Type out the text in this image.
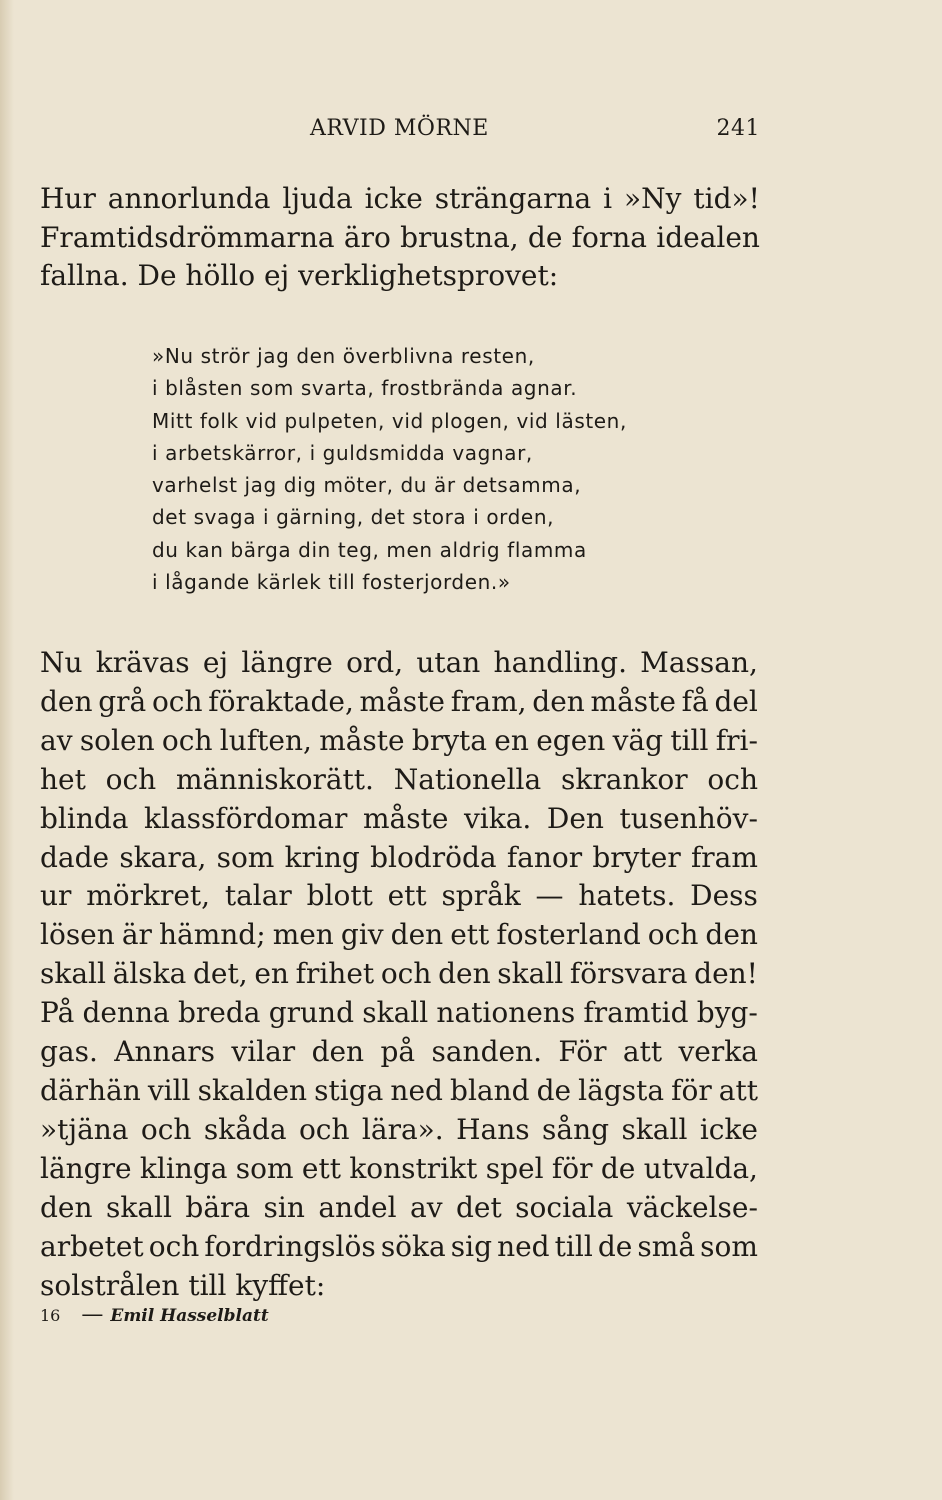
ARVID MÖRNE	241
Hur annorlunda ljuda icke strängarna i »Ny tid»!
Framtidsdrömmarna äro brustna, de forna idealen
fallna. De höllo ej verklighetsprovet:
»Nu strör jag den överblivna resten,
i blåsten som svarta, frostbrända agnar.
Mitt folk vid pulpeten, vid plogen, vid lästen,
i arbetskärror, i guldsmidda vagnar,
varhelst jag dig möter, du är detsamma,
det svaga i gärning, det stora i orden,
du kan bärga din teg, men aldrig flamma
i lågande kärlek till fosterjorden.»
Nu krävas ej längre ord, utan handling. Massan,
den grå och föraktade, måste fram, den måste få del
av solen och luften, måste bryta en egen väg till fri-
het och människorätt. Nationella skrankor och
blinda klassfördomar måste vika. Den tusenhöv-
dade skara, som kring blodröda fanor bryter fram
ur mörkret, talar blott ett språk — hatets. Dess
lösen är hämnd; men giv den ett fosterland och den
skall älska det, en frihet och den skall försvara den!
På denna breda grund skall nationens framtid byg-
gas. Annars vilar den på sanden. För att verka
därhän vill skalden stiga ned bland de lägsta för att
»tjäna och skåda och lära». Hans sång skall icke
längre klinga som ett konstrikt spel för de utvalda,
den skall bära sin andel av det sociala väckelse-
arbetet och fordringslös söka sig ned till de små som
solstrålen till kyffet:
16 — Emil Hasselblatt
